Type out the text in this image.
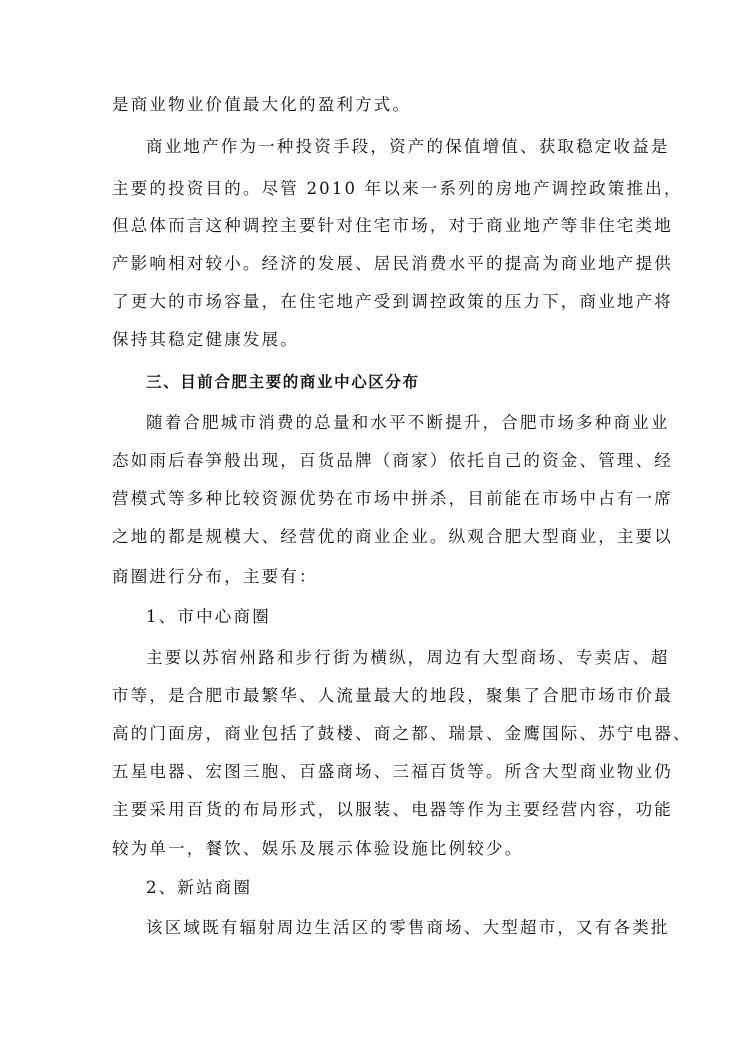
是商业物业价值最大化的盈利方式。
商业地产作为一种投资手段，资产的保值增值、获取稳定收益是
主要的投资目的。尽管 2010 年以来一系列的房地产调控政策推出，
但总体而言这种调控主要针对住宅市场，对于商业地产等非住宅类地
产影响相对较小。经济的发展、居民消费水平的提高为商业地产提供
了更大的市场容量，在住宅地产受到调控政策的压力下，商业地产将
保持其稳定健康发展。
三、目前合肥主要的商业中心区分布
随着合肥城市消费的总量和水平不断提升，合肥市场多种商业业
态如雨后春笋般出现，百货品牌（商家）依托自己的资金、管理、经
营模式等多种比较资源优势在市场中拼杀，目前能在市场中占有一席
之地的都是规模大、经营优的商业企业。纵观合肥大型商业，主要以
商圈进行分布，主要有：
1、市中心商圈
主要以苏宿州路和步行街为横纵，周边有大型商场、专卖店、超
市等，是合肥市最繁华、人流量最大的地段，聚集了合肥市场市价最
高的门面房，商业包括了鼓楼、商之都、瑞景、金鹰国际、苏宁电器、
五星电器、宏图三胞、百盛商场、三福百货等。所含大型商业物业仍
主要采用百货的布局形式，以服装、电器等作为主要经营内容，功能
较为单一，餐饮、娱乐及展示体验设施比例较少。
2、新站商圈
该区域既有辐射周边生活区的零售商场、大型超市，又有各类批
